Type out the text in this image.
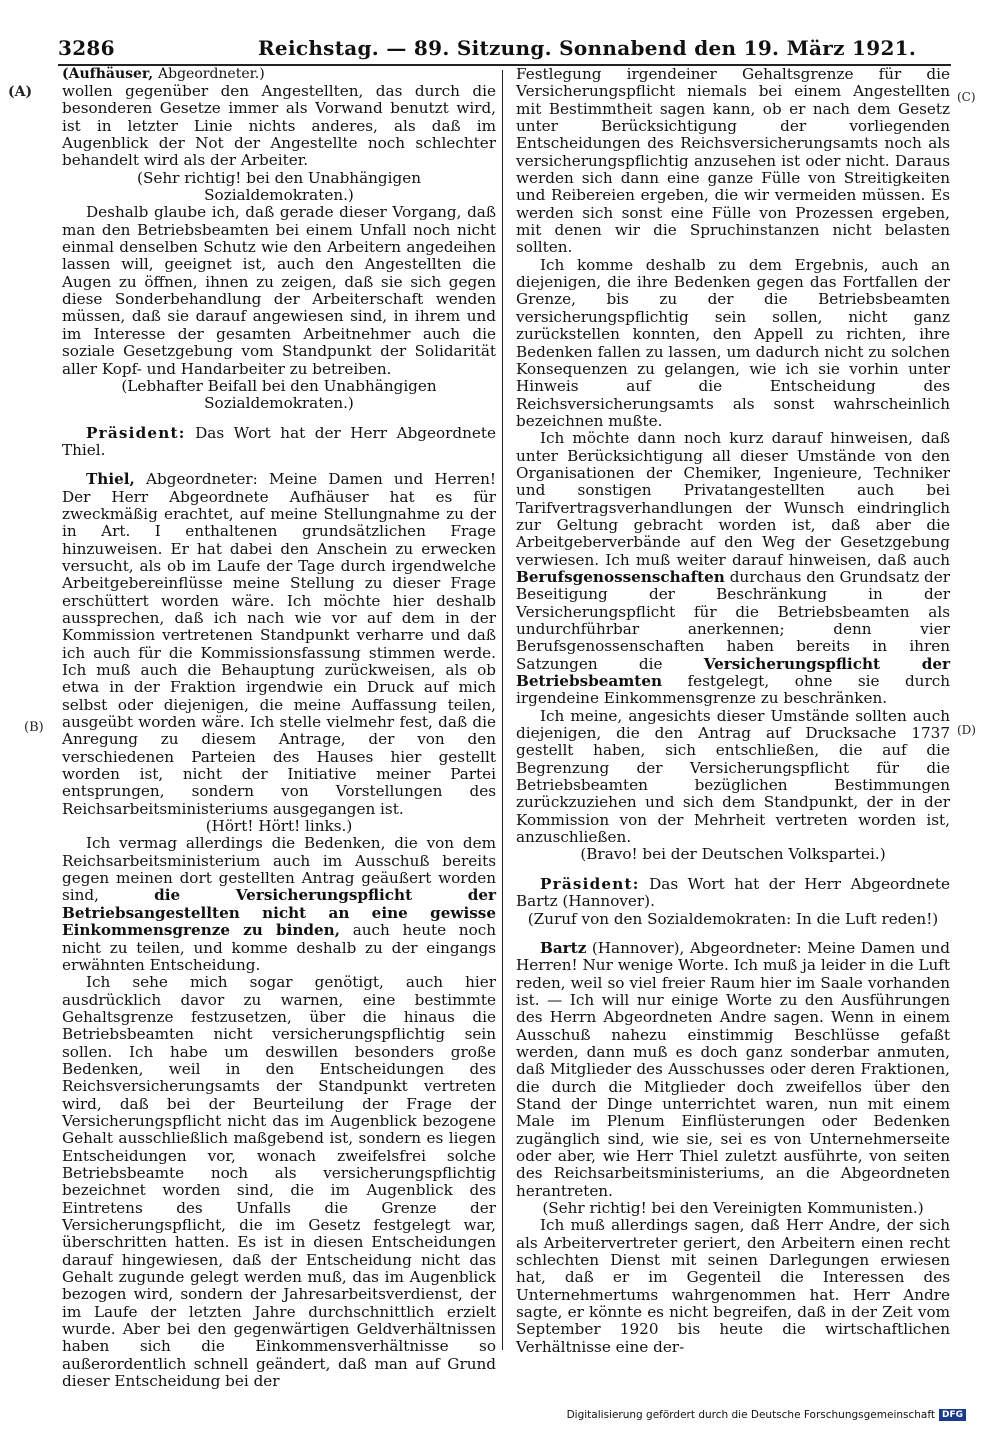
3286	Reichstag. — 89. Sitzung. Sonnabend den 19. März 1921.
(A)
(B)
(C)
(D)

(Aufhäuser, Abgeordneter.)

wollen gegenüber den Angestellten, das durch die besonderen Gesetze immer als Vorwand benutzt wird, ist in letzter Linie nichts anderes, als daß im Augenblick der Not der Angestellte noch schlechter behandelt wird als der Arbeiter.

(Sehr richtig! bei den Unabhängigen Sozialdemokraten.)

Deshalb glaube ich, daß gerade dieser Vorgang, daß man den Betriebsbeamten bei einem Unfall noch nicht einmal denselben Schutz wie den Arbeitern angedeihen lassen will, geeignet ist, auch den Angestellten die Augen zu öffnen, ihnen zu zeigen, daß sie sich gegen diese Sonderbehandlung der Arbeiterschaft wenden müssen, daß sie darauf angewiesen sind, in ihrem und im Interesse der gesamten Arbeitnehmer auch die soziale Gesetzgebung vom Standpunkt der Solidarität aller Kopf- und Handarbeiter zu betreiben.

(Lebhafter Beifall bei den Unabhängigen Sozialdemokraten.)

Präsident: Das Wort hat der Herr Abgeordnete Thiel.

Thiel, Abgeordneter: Meine Damen und Herren! Der Herr Abgeordnete Aufhäuser hat es für zweckmäßig erachtet, auf meine Stellungnahme zu der in Art. I enthaltenen grundsätzlichen Frage hinzuweisen. Er hat dabei den Anschein zu erwecken versucht, als ob im Laufe der Tage durch irgendwelche Arbeitgebereinflüsse meine Stellung zu dieser Frage erschüttert worden wäre. Ich möchte hier deshalb aussprechen, daß ich nach wie vor auf dem in der Kommission vertretenen Standpunkt verharre und daß ich auch für die Kommissionsfassung stimmen werde. Ich muß auch die Behauptung zurückweisen, als ob etwa in der Fraktion irgendwie ein Druck auf mich selbst oder diejenigen, die meine Auffassung teilen, ausgeübt worden wäre. Ich stelle vielmehr fest, daß die Anregung zu diesem Antrage, der von den verschiedenen Parteien des Hauses hier gestellt worden ist, nicht der Initiative meiner Partei entsprungen, sondern von Vorstellungen des Reichsarbeitsministeriums ausgegangen ist.

(Hört! Hört! links.)

Ich vermag allerdings die Bedenken, die von dem Reichsarbeitsministerium auch im Ausschuß bereits gegen meinen dort gestellten Antrag geäußert worden sind,	die Versicherungspflicht der Betriebsangestellten nicht an eine gewisse Einkommensgrenze zu binden, auch heute noch nicht zu teilen, und komme deshalb zu der eingangs erwähnten Entscheidung.

Ich sehe mich sogar genötigt, auch hier ausdrücklich davor zu warnen, eine bestimmte Gehaltsgrenze festzusetzen, über die hinaus die Betriebsbeamten nicht versicherungspflichtig sein sollen. Ich habe um deswillen besonders große Bedenken, weil in den Entscheidungen des Reichsversicherungsamts der Standpunkt vertreten wird, daß bei der Beurteilung der Frage der Versicherungspflicht nicht das im Augenblick bezogene Gehalt ausschließlich maßgebend ist, sondern es liegen Entscheidungen vor, wonach zweifelsfrei solche Betriebsbeamte noch als versicherungspflichtig bezeichnet worden sind, die im Augenblick des Eintretens des Unfalls die Grenze der Versicherungspflicht, die im Gesetz festgelegt war, überschritten hatten. Es ist in diesen Entscheidungen darauf hingewiesen, daß der Entscheidung nicht das Gehalt zugunde gelegt werden muß, das im Augenblick bezogen wird, sondern der Jahresarbeitsverdienst, der im Laufe der letzten Jahre durchschnittlich erzielt wurde. Aber bei den gegenwärtigen Geldverhältnissen haben sich die Einkommensverhältnisse so außerordentlich schnell geändert, daß man auf Grund dieser Entscheidung bei der

Festlegung irgendeiner Gehaltsgrenze für die Versicherungspflicht niemals bei einem Angestellten mit Bestimmtheit sagen kann, ob er nach dem Gesetz unter Berücksichtigung der vorliegenden Entscheidungen des Reichsversicherungsamts noch als versicherungspflichtig anzusehen ist oder nicht. Daraus werden sich dann eine ganze Fülle von Streitigkeiten und Reibereien ergeben, die wir vermeiden müssen. Es werden sich sonst eine Fülle von Prozessen ergeben, mit denen wir die Spruchinstanzen nicht belasten sollten.

Ich komme deshalb zu dem Ergebnis, auch an diejenigen, die ihre Bedenken gegen das Fortfallen der Grenze, bis zu der die Betriebsbeamten versicherungspflichtig sein sollen, nicht ganz zurückstellen konnten, den Appell zu richten, ihre Bedenken fallen zu lassen, um dadurch nicht zu solchen Konsequenzen zu gelangen, wie ich sie vorhin unter Hinweis auf die Entscheidung des Reichsversicherungsamts als sonst wahrscheinlich bezeichnen mußte.

Ich möchte dann noch kurz darauf hinweisen, daß unter Berücksichtigung all dieser Umstände von den Organisationen der Chemiker, Ingenieure, Techniker und sonstigen Privatangestellten auch bei Tarifvertragsverhandlungen der Wunsch eindringlich zur Geltung gebracht worden ist, daß aber die Arbeitgeberverbände auf den Weg der Gesetzgebung verwiesen. Ich muß weiter darauf hinweisen, daß auch Berufsgenossenschaften durchaus den Grundsatz der Beseitigung der Beschränkung in der Versicherungspflicht für die Betriebsbeamten als undurchführbar anerkennen; denn vier Berufsgenossenschaften haben bereits in ihren Satzungen die	Versicherungspflicht der Betriebsbeamten festgelegt, ohne sie durch irgendeine Einkommensgrenze zu beschränken.

Ich meine, angesichts dieser Umstände sollten auch diejenigen, die den Antrag auf Drucksache 1737 gestellt haben, sich entschließen, die auf die Begrenzung der Versicherungspflicht für die Betriebsbeamten bezüglichen Bestimmungen zurückzuziehen und sich dem Standpunkt, der in der Kommission von der Mehrheit vertreten worden ist, anzuschließen.

(Bravo! bei der Deutschen Volkspartei.)

Präsident: Das Wort hat der Herr Abgeordnete Bartz (Hannover).

(Zuruf von den Sozialdemokraten: In die Luft reden!)

Bartz (Hannover), Abgeordneter: Meine Damen und Herren! Nur wenige Worte. Ich muß ja leider in die Luft reden, weil so viel freier Raum hier im Saale vorhanden ist. — Ich will nur einige Worte zu den Ausführungen des Herrn Abgeordneten Andre sagen. Wenn in einem Ausschuß nahezu einstimmig Beschlüsse gefaßt werden, dann muß es doch ganz sonderbar anmuten, daß Mitglieder des Ausschusses oder deren Fraktionen, die durch die Mitglieder doch zweifellos über den Stand der Dinge unterrichtet waren, nun mit einem Male im Plenum Einflüsterungen oder Bedenken zugänglich sind, wie sie, sei es von Unternehmerseite oder aber, wie Herr Thiel zuletzt ausführte, von seiten des Reichsarbeitsministeriums, an die Abgeordneten herantreten.

(Sehr richtig! bei den Vereinigten Kommunisten.)

Ich muß allerdings sagen, daß Herr Andre, der sich als Arbeitervertreter geriert, den Arbeitern einen recht schlechten Dienst mit seinen Darlegungen erwiesen hat, daß er im Gegenteil die Interessen des Unternehmertums wahrgenommen hat. Herr Andre sagte, er könnte es nicht begreifen, daß in der Zeit vom September 1920 bis heute die wirtschaftlichen Verhältnisse eine der-

Digitalisierung gefördert durch die Deutsche Forschungsgemeinschaft DFG
